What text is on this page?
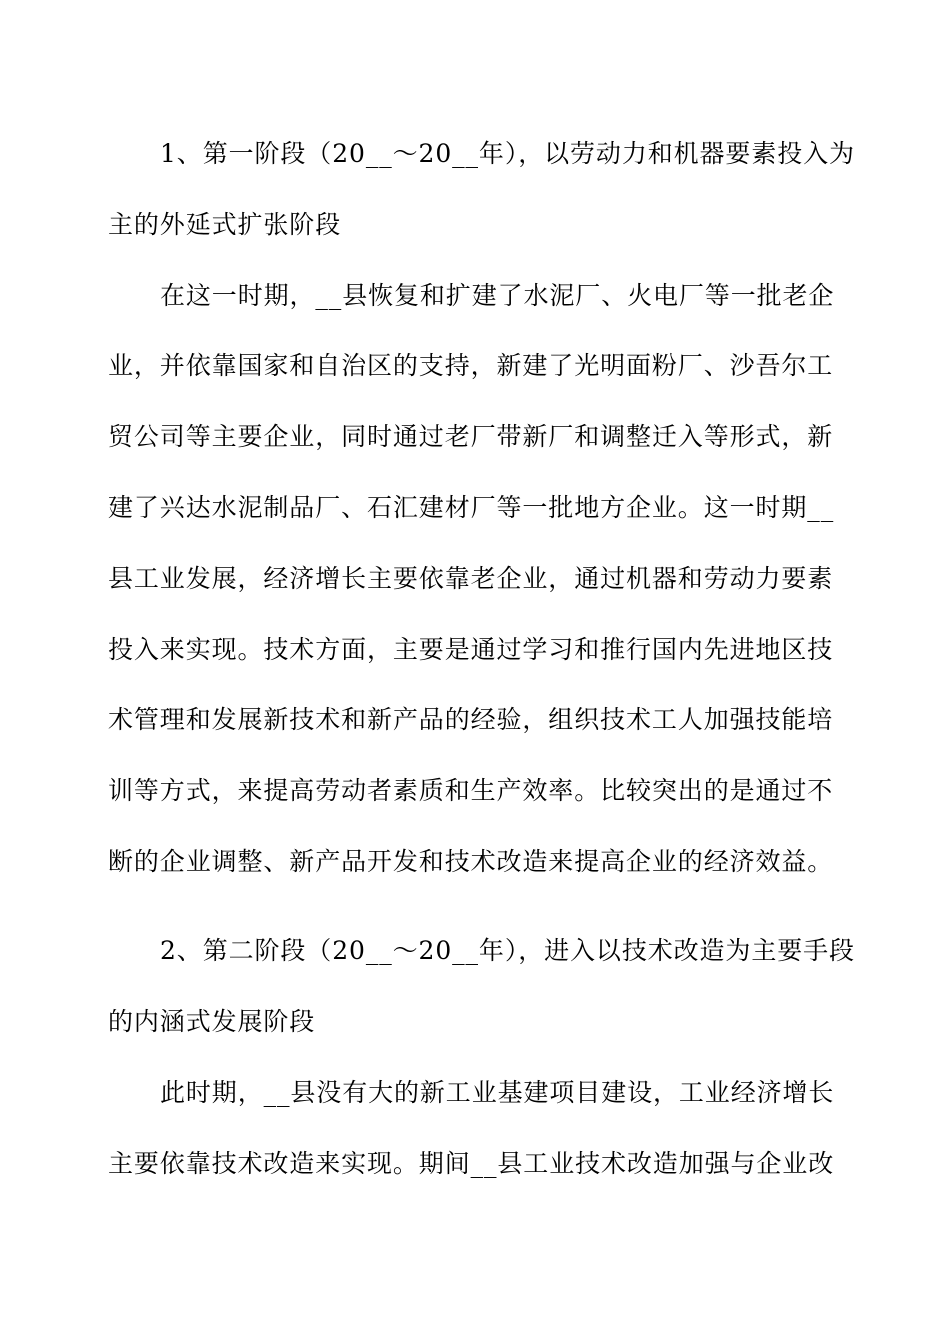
1、第一阶段（20__～20__年），以劳动力和机器要素投入为

主的外延式扩张阶段

在这一时期，__县恢复和扩建了水泥厂、火电厂等一批老企

业，并依靠国家和自治区的支持，新建了光明面粉厂、沙吾尔工

贸公司等主要企业，同时通过老厂带新厂和调整迁入等形式，新

建了兴达水泥制品厂、石汇建材厂等一批地方企业。这一时期__

县工业发展，经济增长主要依靠老企业，通过机器和劳动力要素

投入来实现。技术方面，主要是通过学习和推行国内先进地区技

术管理和发展新技术和新产品的经验，组织技术工人加强技能培

训等方式，来提高劳动者素质和生产效率。比较突出的是通过不

断的企业调整、新产品开发和技术改造来提高企业的经济效益。

2、第二阶段（20__～20__年），进入以技术改造为主要手段

的内涵式发展阶段

此时期，__县没有大的新工业基建项目建设，工业经济增长

主要依靠技术改造来实现。期间__县工业技术改造加强与企业改
